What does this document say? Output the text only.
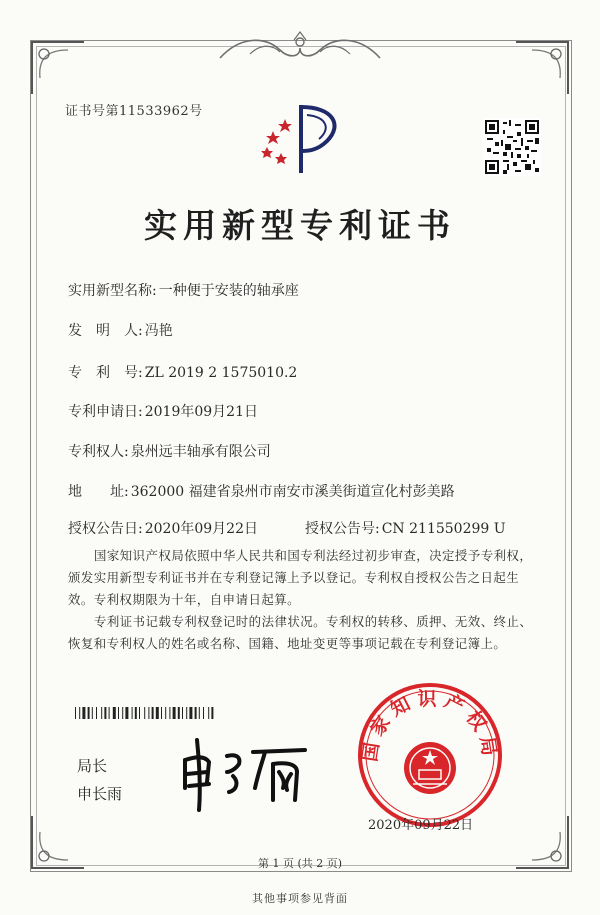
证书号第11533962号
实用新型专利证书
实用新型名称: 一种便于安装的轴承座
发　明　人: 冯艳
专　利　号: ZL 2019 2 1575010.2
专利申请日: 2019年09月21日
专利权人: 泉州远丰轴承有限公司
地　　址: 362000 福建省泉州市南安市溪美街道宣化村彭美路
授权公告日: 2020年09月22日	授权公告号: CN 211550299 U
国家知识产权局依照中华人民共和国专利法经过初步审查，决定授予专利权，颁发实用新型专利证书并在专利登记簿上予以登记。专利权自授权公告之日起生效。专利权期限为十年，自申请日起算。
专利证书记载专利权登记时的法律状况。专利权的转移、质押、无效、终止、恢复和专利权人的姓名或名称、国籍、地址变更等事项记载在专利登记簿上。
局长
申长雨
国家知识产权局
2020年09月22日
第 1 页 (共 2 页)
其他事项参见背面
